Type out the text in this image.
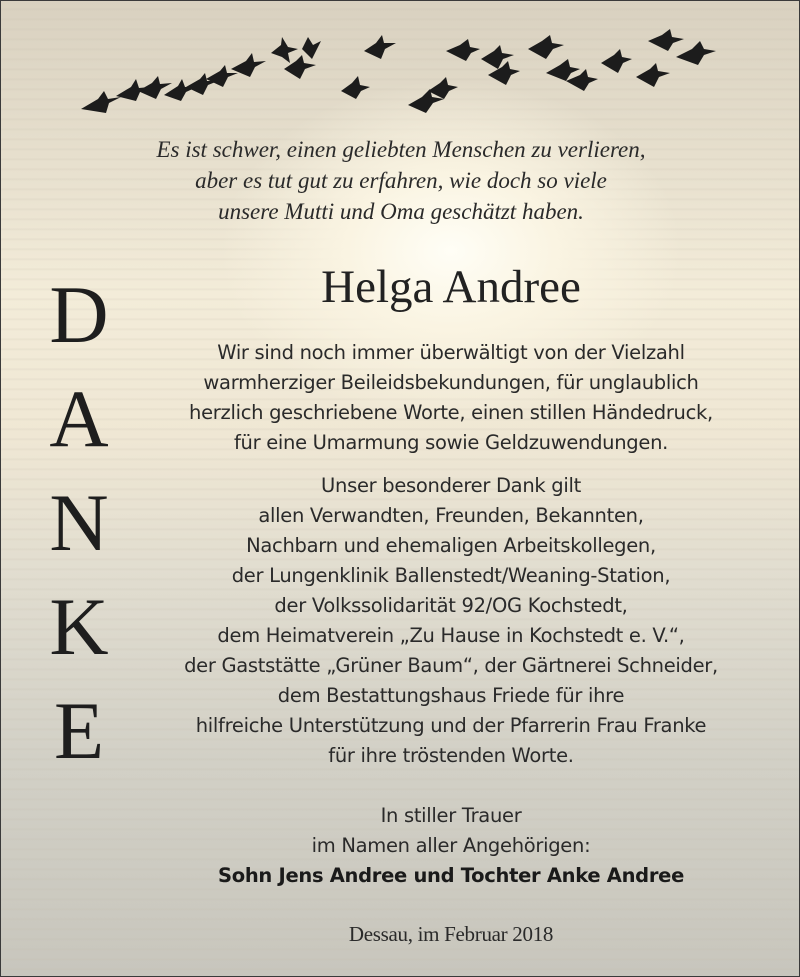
Es ist schwer, einen geliebten Menschen zu verlieren,
aber es tut gut zu erfahren, wie doch so viele
unsere Mutti und Oma geschätzt haben.
D
A
N
K
E
Helga Andree
Wir sind noch immer überwältigt von der Vielzahl
warmherziger Beileidsbekundungen, für unglaublich
herzlich geschriebene Worte, einen stillen Händedruck,
für eine Umarmung sowie Geldzuwendungen.
Unser besonderer Dank gilt
allen Verwandten, Freunden, Bekannten,
Nachbarn und ehemaligen Arbeitskollegen,
der Lungenklinik Ballenstedt/Weaning-Station,
der Volkssolidarität 92/OG Kochstedt,
dem Heimatverein „Zu Hause in Kochstedt e. V.“,
der Gaststätte „Grüner Baum“, der Gärtnerei Schneider,
dem Bestattungshaus Friede für ihre
hilfreiche Unterstützung und der Pfarrerin Frau Franke
für ihre tröstenden Worte.
In stiller Trauer
im Namen aller Angehörigen:
Sohn Jens Andree und Tochter Anke Andree
Dessau, im Februar 2018
